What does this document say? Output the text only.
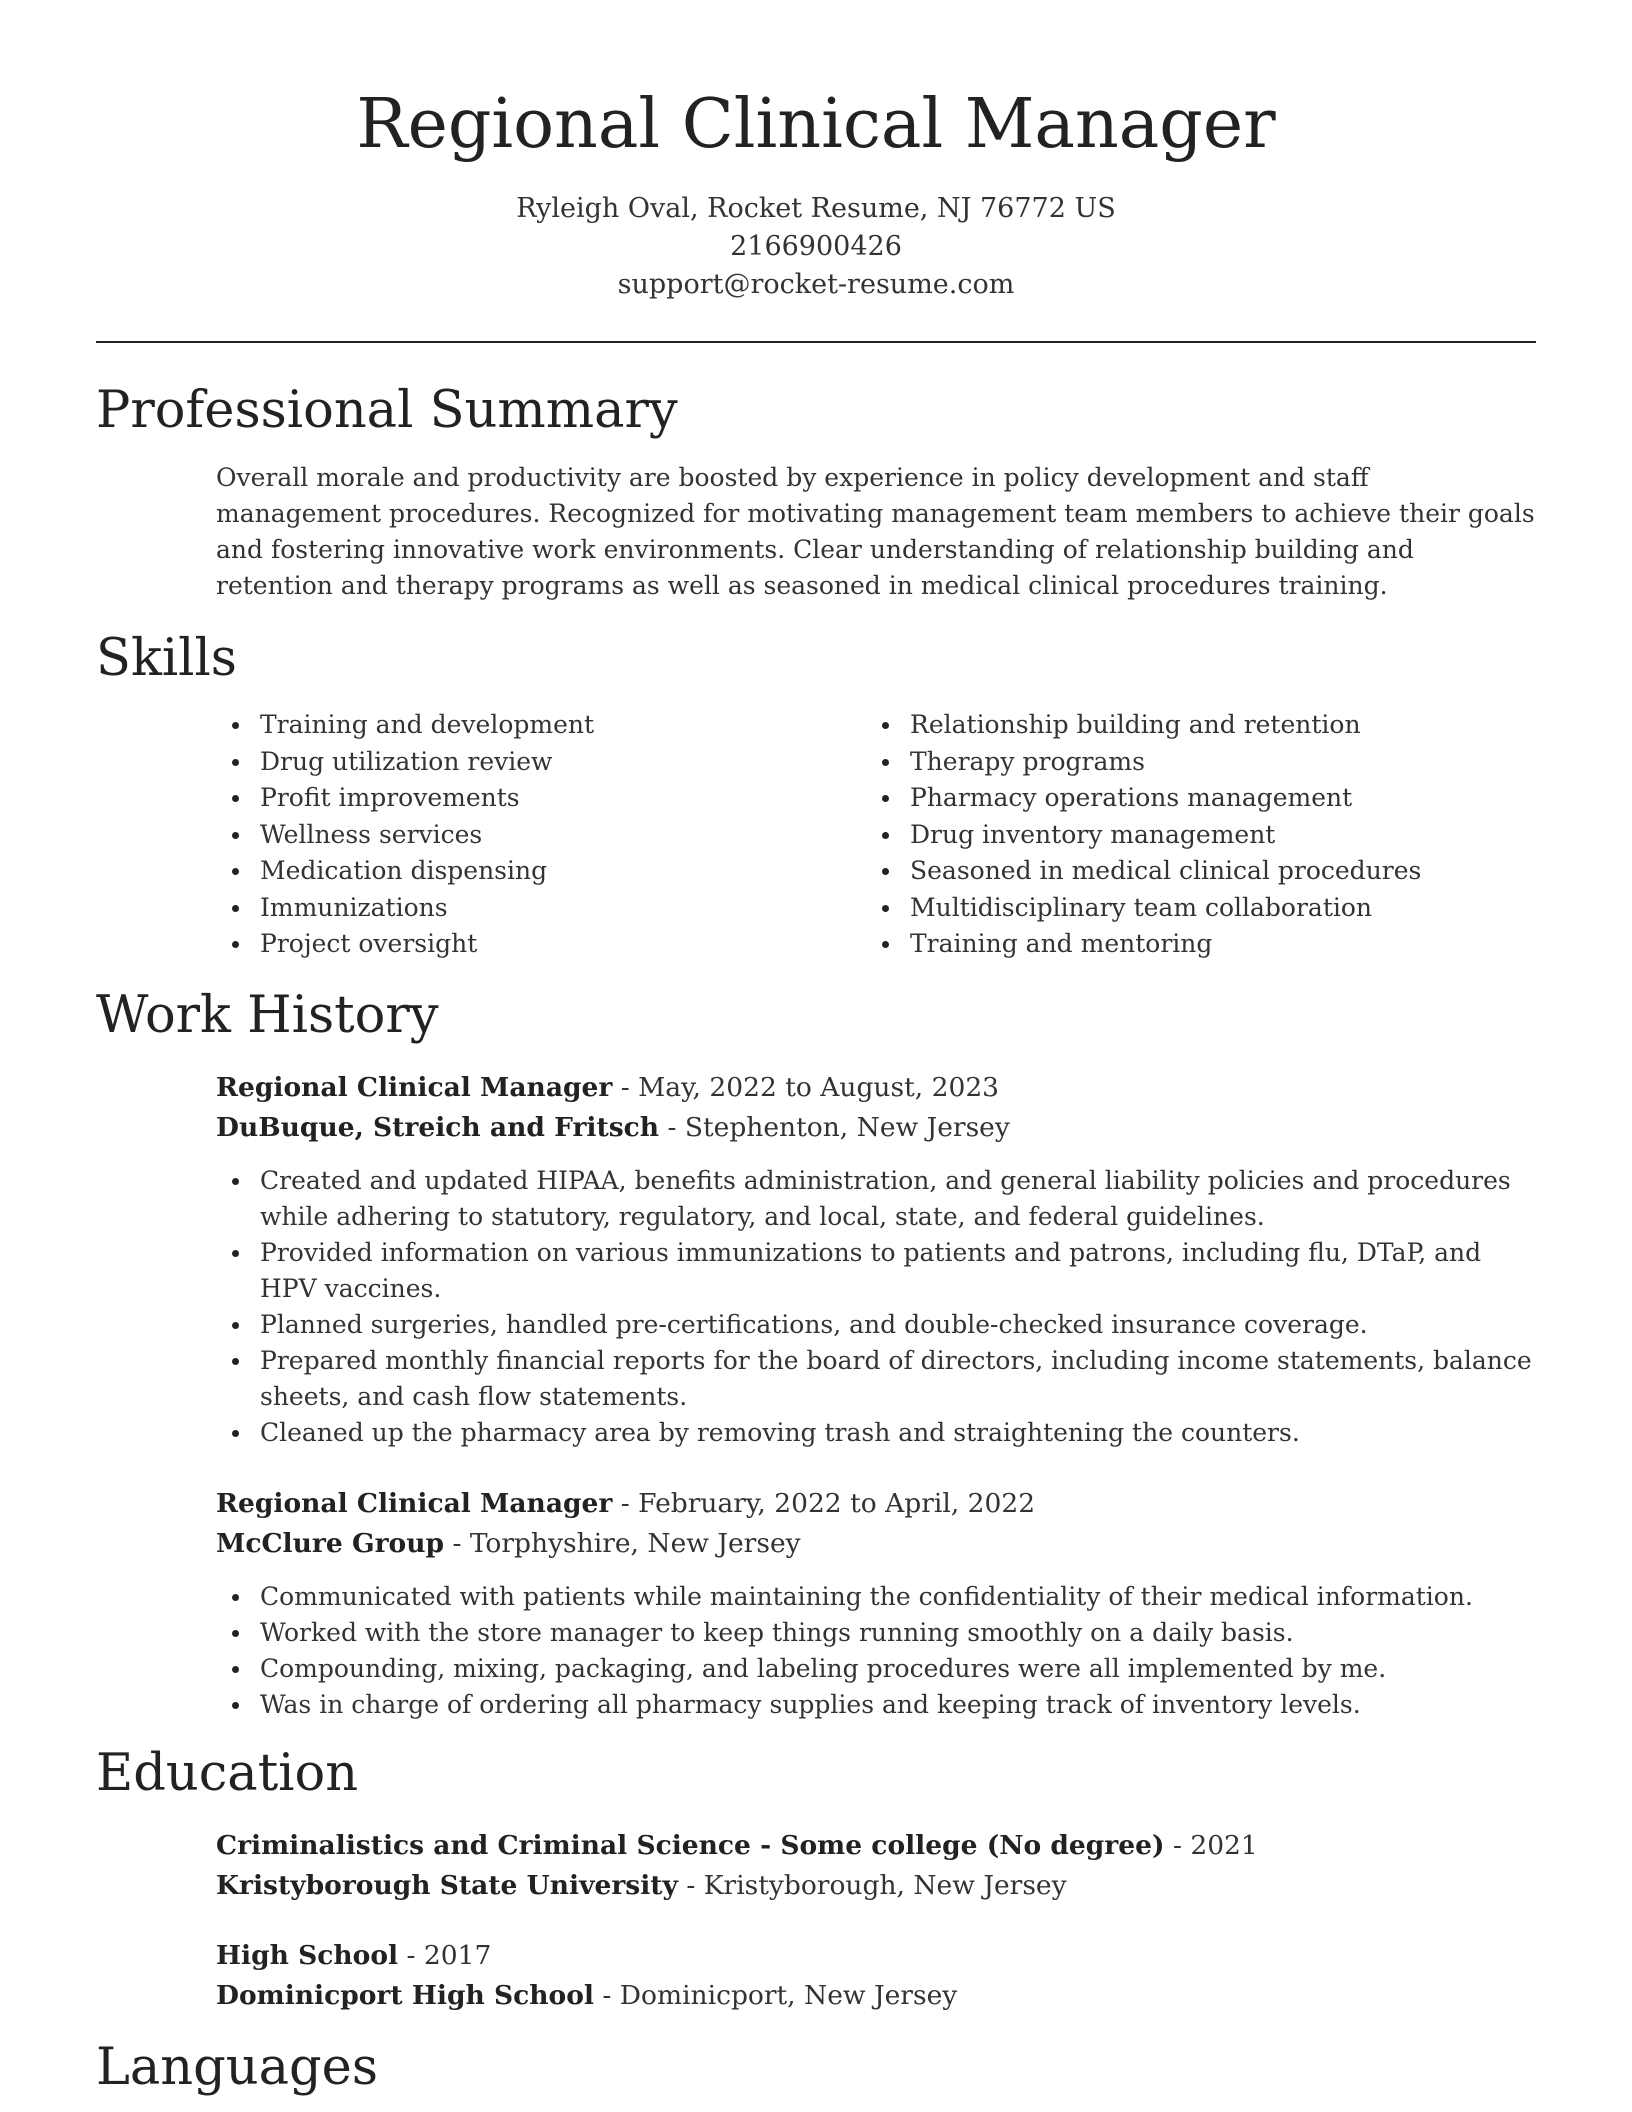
Regional Clinical Manager
Ryleigh Oval, Rocket Resume, NJ 76772 US
2166900426
support@rocket-resume.com
Professional Summary
Overall morale and productivity are boosted by experience in policy development and staff management procedures. Recognized for motivating management team members to achieve their goals and fostering innovative work environments. Clear understanding of relationship building and retention and therapy programs as well as seasoned in medical clinical procedures training.
Skills
Training and development
Drug utilization review
Profit improvements
Wellness services
Medication dispensing
Immunizations
Project oversight
Relationship building and retention
Therapy programs
Pharmacy operations management
Drug inventory management
Seasoned in medical clinical procedures
Multidisciplinary team collaboration
Training and mentoring
Work History
Regional Clinical Manager - May, 2022 to August, 2023
DuBuque, Streich and Fritsch - Stephenton, New Jersey
Created and updated HIPAA, benefits administration, and general liability policies and procedures while adhering to statutory, regulatory, and local, state, and federal guidelines.
Provided information on various immunizations to patients and patrons, including flu, DTaP, and HPV vaccines.
Planned surgeries, handled pre-certifications, and double-checked insurance coverage.
Prepared monthly financial reports for the board of directors, including income statements, balance sheets, and cash flow statements.
Cleaned up the pharmacy area by removing trash and straightening the counters.
Regional Clinical Manager - February, 2022 to April, 2022
McClure Group - Torphyshire, New Jersey
Communicated with patients while maintaining the confidentiality of their medical information.
Worked with the store manager to keep things running smoothly on a daily basis.
Compounding, mixing, packaging, and labeling procedures were all implemented by me.
Was in charge of ordering all pharmacy supplies and keeping track of inventory levels.
Education
Criminalistics and Criminal Science - Some college (No degree) - 2021
Kristyborough State University - Kristyborough, New Jersey
High School - 2017
Dominicport High School - Dominicport, New Jersey
Languages
